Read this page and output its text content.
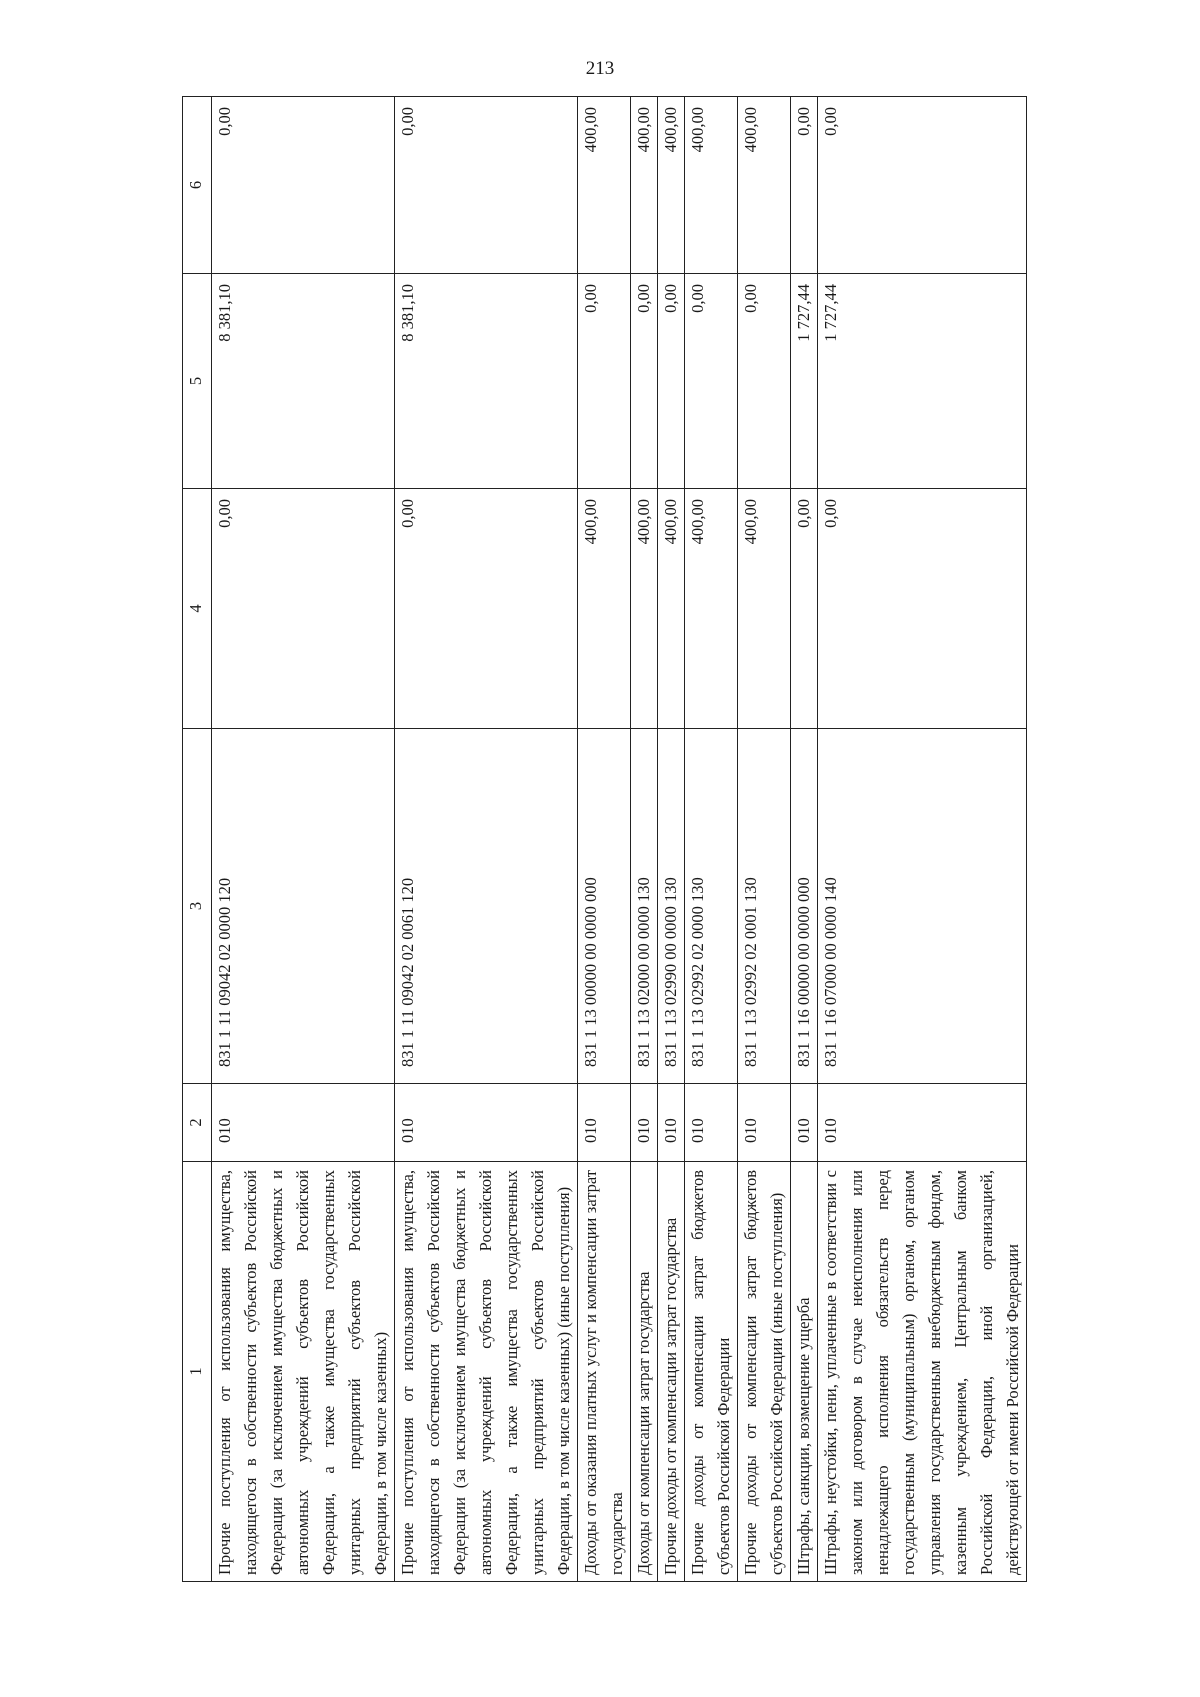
213
1	2	3	4	5	6
Прочие поступления от использования имущества, находящегося в собственности субъектов Российской Федерации (за исключением имущества бюджетных и автономных учреждений субъектов Российской Федерации, а также имущества государственных унитарных предприятий субъектов Российской Федерации, в том числе казенных)	010	831 1 11 09042 02 0000 120	0,00	8 381,10	0,00
Прочие поступления от использования имущества, находящегося в собственности субъектов Российской Федерации (за исключением имущества бюджетных и автономных учреждений субъектов Российской Федерации, а также имущества государственных унитарных предприятий субъектов Российской Федерации, в том числе казенных) (иные поступления)	010	831 1 11 09042 02 0061 120	0,00	8 381,10	0,00
Доходы от оказания платных услуг и компенсации затрат государства	010	831 1 13 00000 00 0000 000	400,00	0,00	400,00
Доходы от компенсации затрат государства	010	831 1 13 02000 00 0000 130	400,00	0,00	400,00
Прочие доходы от компенсации затрат государства	010	831 1 13 02990 00 0000 130	400,00	0,00	400,00
Прочие доходы от компенсации затрат бюджетов субъектов Российской Федерации	010	831 1 13 02992 02 0000 130	400,00	0,00	400,00
Прочие доходы от компенсации затрат бюджетов субъектов Российской Федерации (иные поступления)	010	831 1 13 02992 02 0001 130	400,00	0,00	400,00
Штрафы, санкции, возмещение ущерба	010	831 1 16 00000 00 0000 000	0,00	1 727,44	0,00
Штрафы, неустойки, пени, уплаченные в соответствии с законом или договором в случае неисполнения или ненадлежащего исполнения обязательств перед государственным (муниципальным) органом, органом управления государственным внебюджетным фондом, казенным учреждением, Центральным банком Российской Федерации, иной организацией, действующей от имени Российской Федерации	010	831 1 16 07000 00 0000 140	0,00	1 727,44	0,00
